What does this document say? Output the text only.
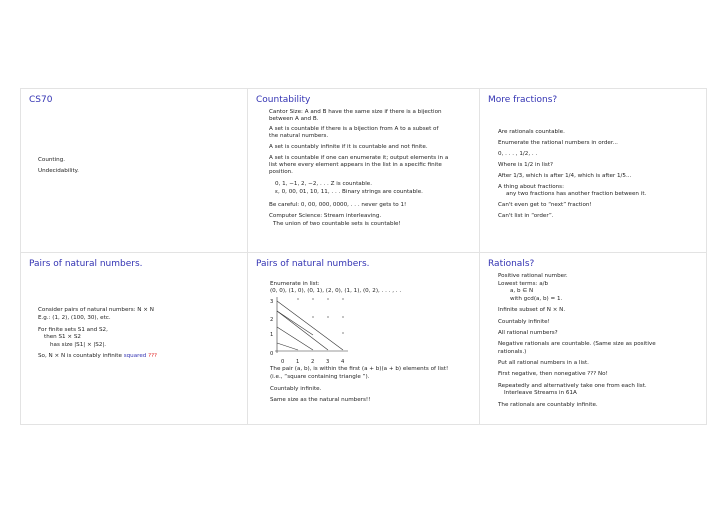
CS70
Counting.
Undecidability.
Countability
Cantor Size: A and B have the same size if there is a bijection
between A and B.
A set is countable if there is a bijection from A to a subset of
the natural numbers.
A set is countably infinite if it is countable and not finite.
A set is countable if one can enumerate it; output elements in a
list where every element appears in the list in a specific finite
position.
0, 1, −1, 2, −2, . . . Z is countable.
ε, 0, 00, 01, 10, 11, . . . Binary strings are countable.
Be careful: 0, 00, 000, 0000, . . . never gets to 1!
Computer Science: Stream interleaving.
The union of two countable sets is countable!
More fractions?
Are rationals countable.
Enumerate the rational numbers in order...
0, . . . , 1/2, . .
Where is 1/2 in list?
After 1/3, which is after 1/4, which is after 1/5...
A thing about fractions:
any two fractions has another fraction between it.
Can't even get to “next” fraction!
Can't list in “order”.
Pairs of natural numbers.
Consider pairs of natural numbers: N × N
E.g.: (1, 2), (100, 30), etc.
For finite sets S1 and S2,
then S1 × S2
has size |S1| × |S2|.
So, N × N is countably infinite squared ???
Pairs of natural numbers.
Enumerate in list:
(0, 0), (1, 0), (0, 1), (2, 0), (1, 1), (0, 2), . . . , . .
3
2
1
0
0 1 2 3 4
The pair (a, b), is within the first (a + b)(a + b) elements of list!
(i.e., “square containing triangle ”).
Countably infinite.
Same size as the natural numbers!!
Rationals?
Positive rational number.
Lowest terms: a/b
a, b ∈ N
with gcd(a, b) = 1.
Infinite subset of N × N.
Countably infinite!
All rational numbers?
Negative rationals are countable. (Same size as positive
rationals.)
Put all rational numbers in a list.
First negative, then nonegative ??? No!
Repeatedly and alternatively take one from each list.
Interleave Streams in 61A
The rationals are countably infinite.
